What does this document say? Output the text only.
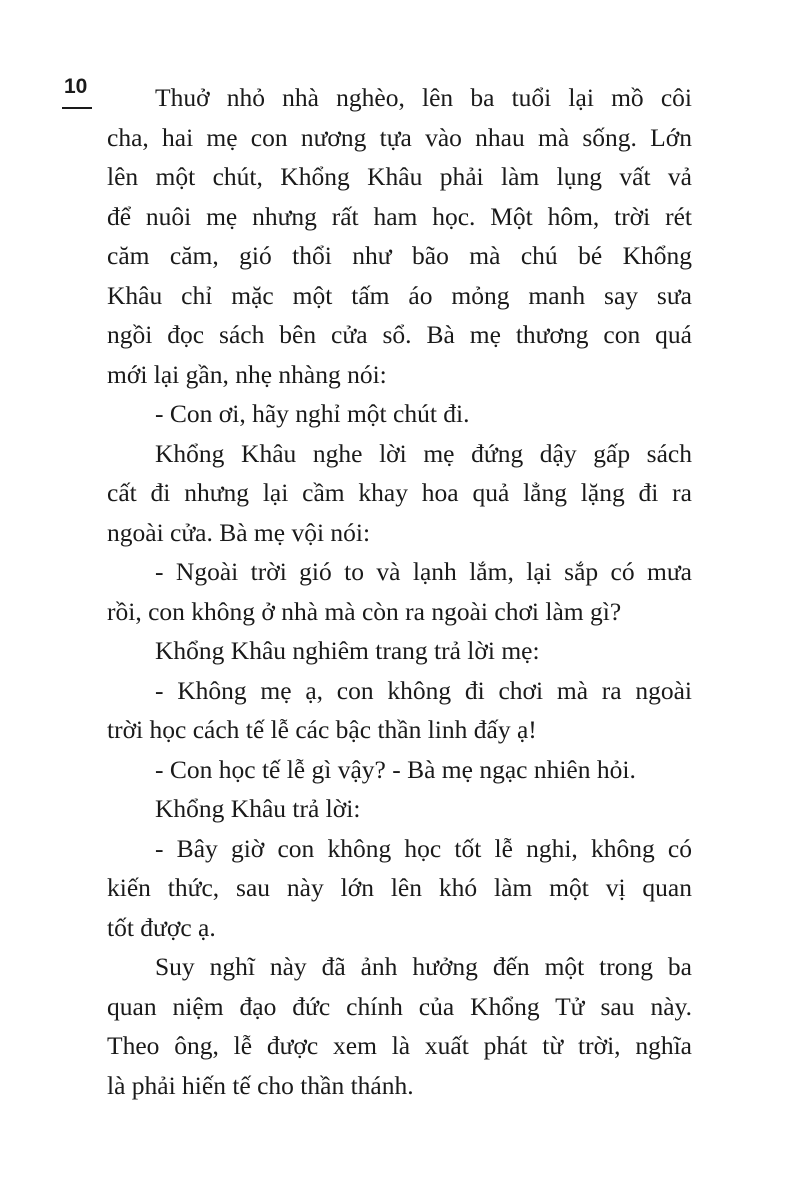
10	Thuở nhỏ nhà nghèo, lên ba tuổi lại mồ côi
cha, hai mẹ con nương tựa vào nhau mà sống. Lớn
lên một chút, Khổng Khâu phải làm lụng vất vả
để nuôi mẹ nhưng rất ham học. Một hôm, trời rét
căm căm, gió thổi như bão mà chú bé Khổng
Khâu chỉ mặc một tấm áo mỏng manh say sưa
ngồi đọc sách bên cửa sổ. Bà mẹ thương con quá
mới lại gần, nhẹ nhàng nói:
- Con ơi, hãy nghỉ một chút đi.
Khổng Khâu nghe lời mẹ đứng dậy gấp sách
cất đi nhưng lại cầm khay hoa quả lẳng lặng đi ra
ngoài cửa. Bà mẹ vội nói:
- Ngoài trời gió to và lạnh lắm, lại sắp có mưa
rồi, con không ở nhà mà còn ra ngoài chơi làm gì?
Khổng Khâu nghiêm trang trả lời mẹ:
- Không mẹ ạ, con không đi chơi mà ra ngoài
trời học cách tế lễ các bậc thần linh đấy ạ!
- Con học tế lễ gì vậy? - Bà mẹ ngạc nhiên hỏi.
Khổng Khâu trả lời:
- Bây giờ con không học tốt lễ nghi, không có
kiến thức, sau này lớn lên khó làm một vị quan
tốt được ạ.
Suy nghĩ này đã ảnh hưởng đến một trong ba
quan niệm đạo đức chính của Khổng Tử sau này.
Theo ông, lễ được xem là xuất phát từ trời, nghĩa
là phải hiến tế cho thần thánh.
